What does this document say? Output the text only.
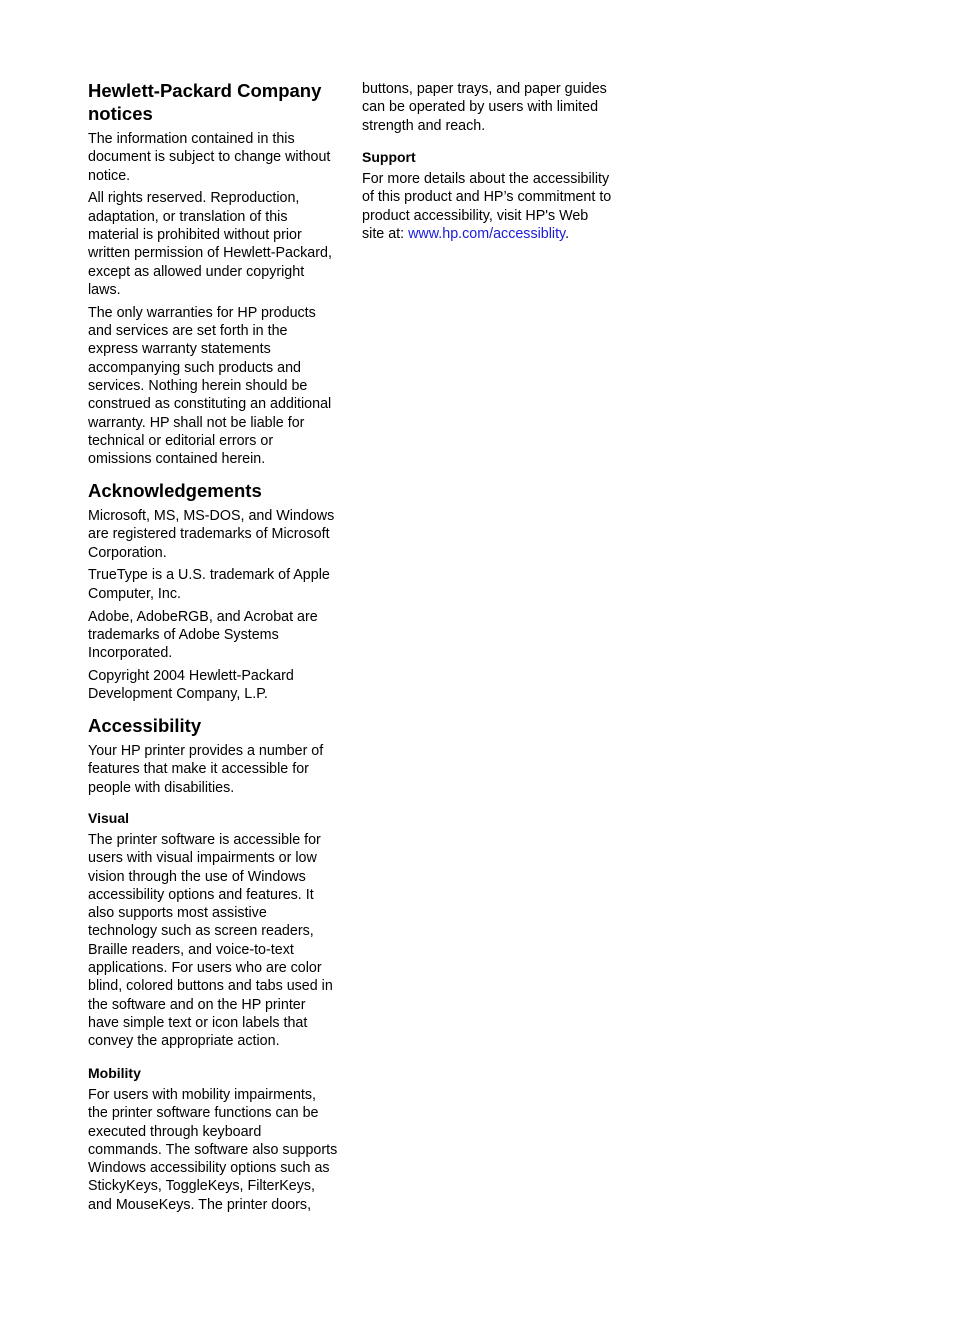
Hewlett-Packard Company notices

The information contained in this document is subject to change without notice.

All rights reserved. Reproduction, adaptation, or translation of this material is prohibited without prior written permission of Hewlett-Packard, except as allowed under copyright laws.

The only warranties for HP products and services are set forth in the express warranty statements accompanying such products and services. Nothing herein should be construed as constituting an additional warranty. HP shall not be liable for technical or editorial errors or omissions contained herein.

Acknowledgements

Microsoft, MS, MS-DOS, and Windows are registered trademarks of Microsoft Corporation.

TrueType is a U.S. trademark of Apple Computer, Inc.

Adobe, AdobeRGB, and Acrobat are trademarks of Adobe Systems Incorporated.

Copyright 2004 Hewlett-Packard Development Company, L.P.

Accessibility

Your HP printer provides a number of features that make it accessible for people with disabilities.

Visual

The printer software is accessible for users with visual impairments or low vision through the use of Windows accessibility options and features. It also supports most assistive technology such as screen readers, Braille readers, and voice-to-text applications. For users who are color blind, colored buttons and tabs used in the software and on the HP printer have simple text or icon labels that convey the appropriate action.

Mobility

For users with mobility impairments, the printer software functions can be executed through keyboard commands. The software also supports Windows accessibility options such as StickyKeys, ToggleKeys, FilterKeys, and MouseKeys. The printer doors,

buttons, paper trays, and paper guides can be operated by users with limited strength and reach.

Support

For more details about the accessibility of this product and HP’s commitment to product accessibility, visit HP's Web site at: www.hp.com/accessiblity.
